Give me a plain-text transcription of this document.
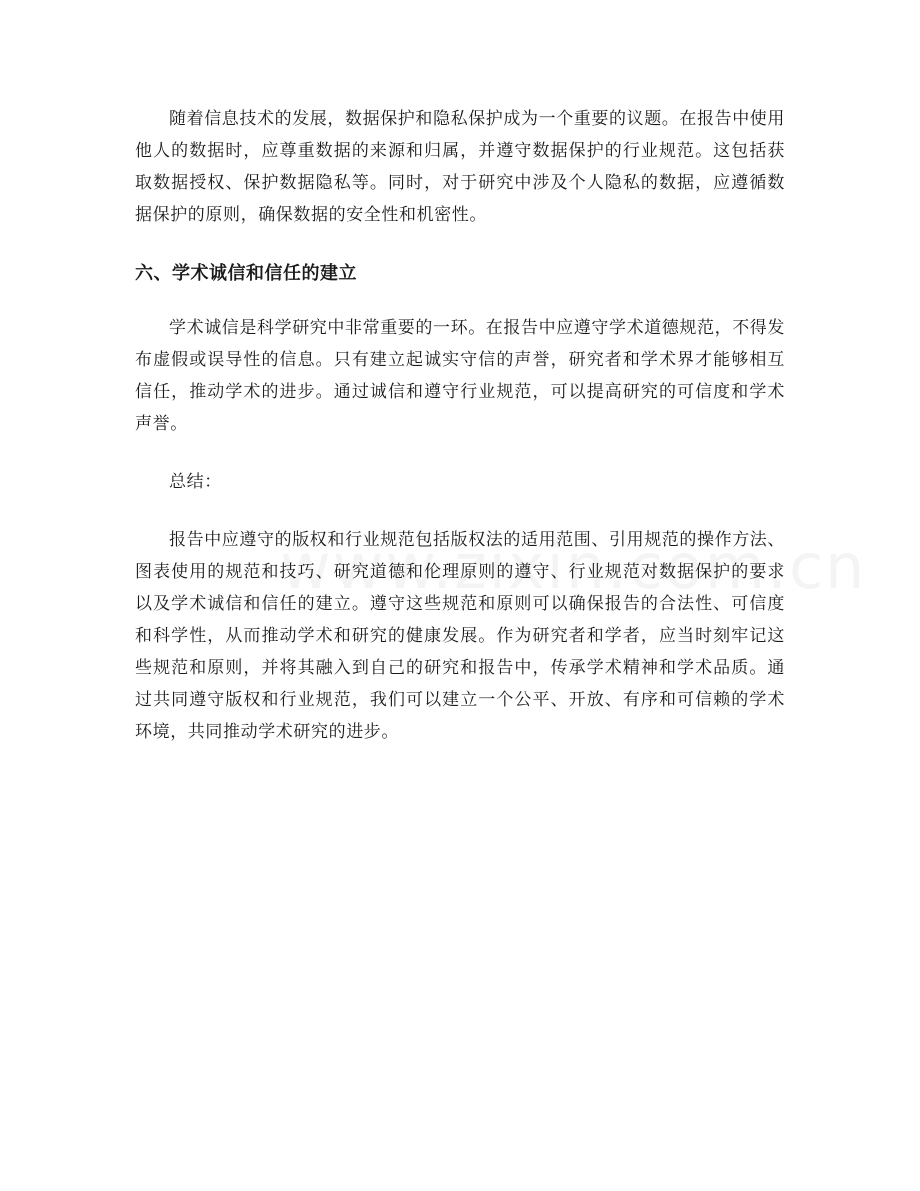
随着信息技术的发展，数据保护和隐私保护成为一个重要的议题。在报告中使用他人的数据时，应尊重数据的来源和归属，并遵守数据保护的行业规范。这包括获取数据授权、保护数据隐私等。同时，对于研究中涉及个人隐私的数据，应遵循数据保护的原则，确保数据的安全性和机密性。

六、学术诚信和信任的建立

学术诚信是科学研究中非常重要的一环。在报告中应遵守学术道德规范，不得发布虚假或误导性的信息。只有建立起诚实守信的声誉，研究者和学术界才能够相互信任，推动学术的进步。通过诚信和遵守行业规范，可以提高研究的可信度和学术声誉。

总结：

报告中应遵守的版权和行业规范包括版权法的适用范围、引用规范的操作方法、图表使用的规范和技巧、研究道德和伦理原则的遵守、行业规范对数据保护的要求以及学术诚信和信任的建立。遵守这些规范和原则可以确保报告的合法性、可信度和科学性，从而推动学术和研究的健康发展。作为研究者和学者，应当时刻牢记这些规范和原则，并将其融入到自己的研究和报告中，传承学术精神和学术品质。通过共同遵守版权和行业规范，我们可以建立一个公平、开放、有序和可信赖的学术环境，共同推动学术研究的进步。
